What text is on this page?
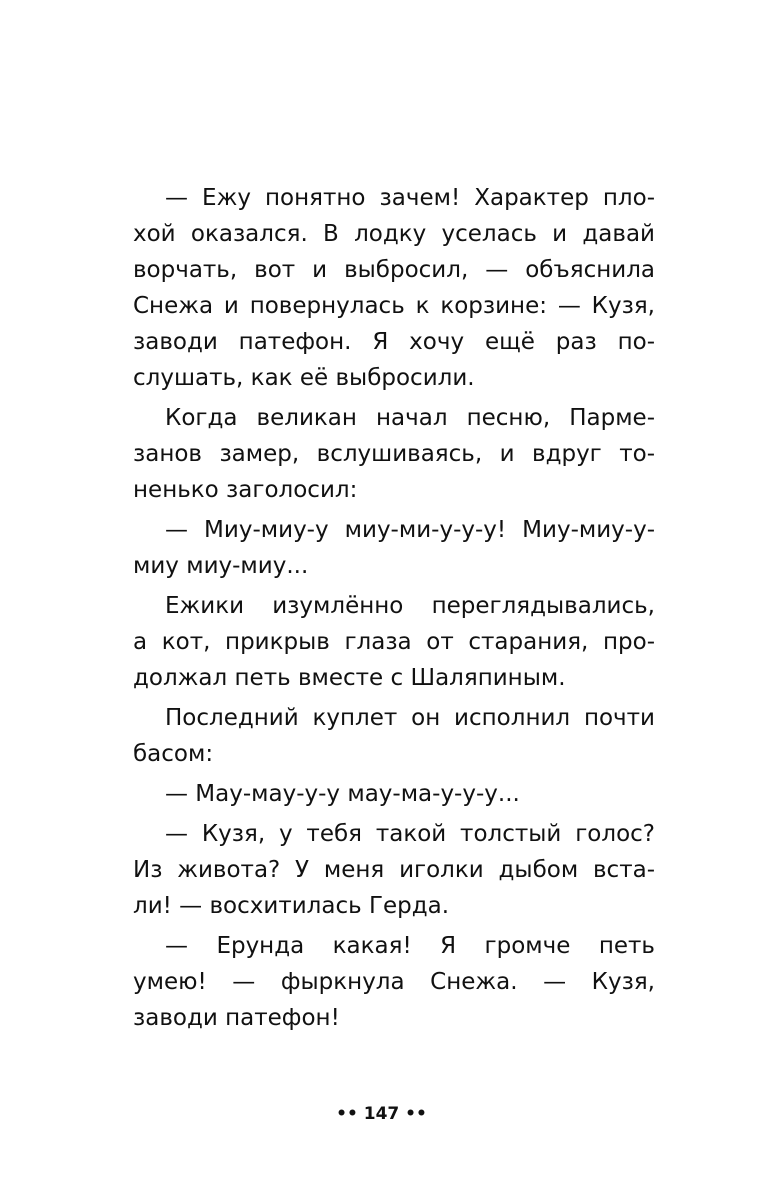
— Ежу понятно зачем! Характер пло-
хой оказался. В лодку уселась и давай
ворчать, вот и выбросил, — объяснила
Снежа и повернулась к корзине: — Кузя,
заводи патефон. Я хочу ещё раз по-
слушать, как её выбросили.
Когда великан начал песню, Парме-
занов замер, вслушиваясь, и вдруг то-
ненько заголосил:
— Миу-миу-у миу-ми-у-у-у! Миу-миу-у-
миу миу-миу...
Ежики изумлённо переглядывались,
а кот, прикрыв глаза от старания, про-
должал петь вместе с Шаляпиным.
Последний куплет он исполнил почти
басом:
— Мау-мау-у-у мау-ма-у-у-у...
— Кузя, у тебя такой толстый голос?
Из живота? У меня иголки дыбом вста-
ли! — восхитилась Герда.
— Ерунда какая! Я громче петь
умею! — фыркнула Снежа. — Кузя,
заводи патефон!
•• 147 ••
